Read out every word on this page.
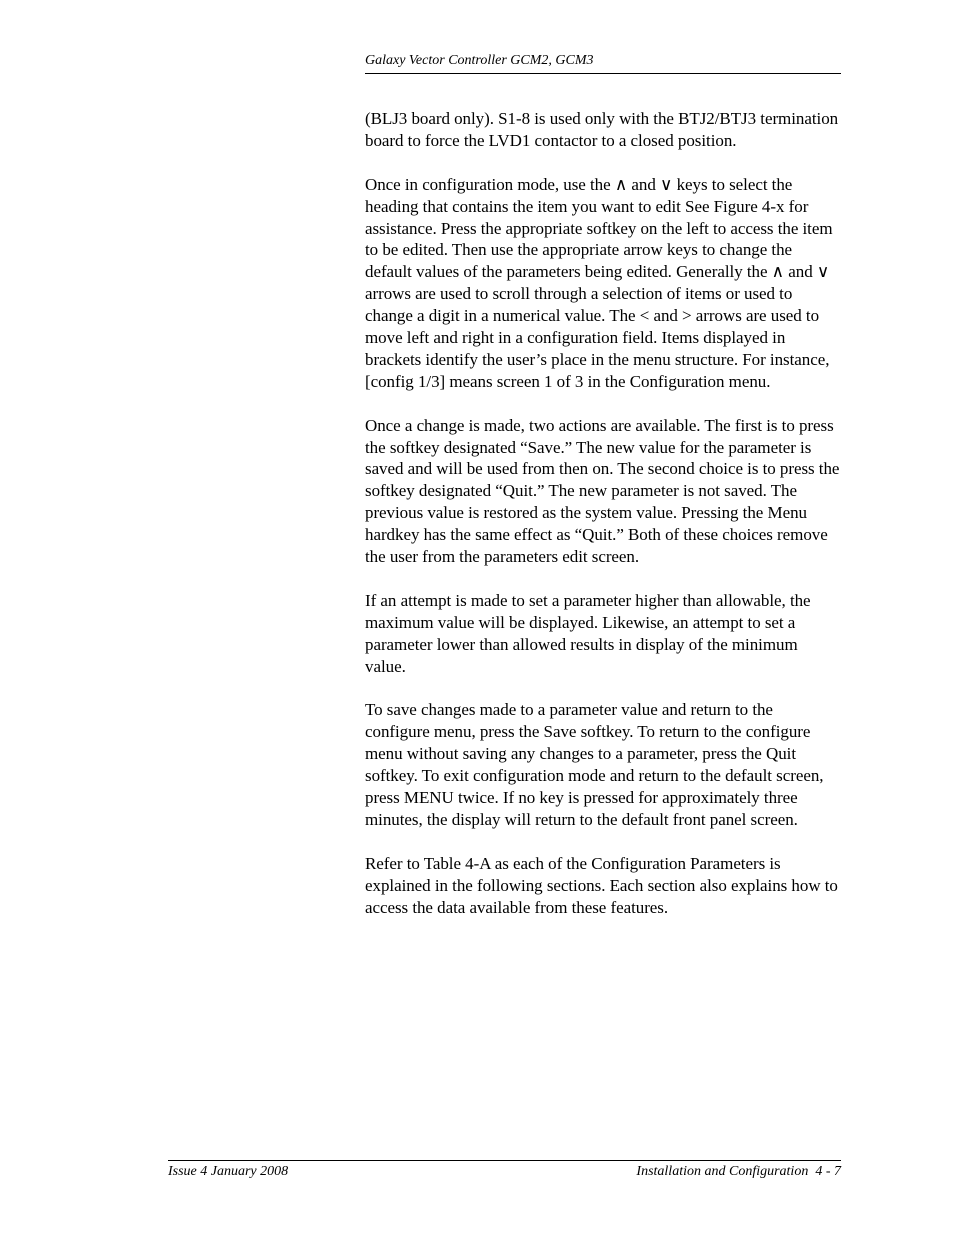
Galaxy Vector Controller GCM2, GCM3

(BLJ3 board only). S1-8 is used only with the BTJ2/BTJ3 termination board to force the LVD1 contactor to a closed position.

Once in configuration mode, use the ∧ and ∨ keys to select the heading that contains the item you want to edit See Figure 4-x for assistance. Press the appropriate softkey on the left to access the item to be edited. Then use the appropriate arrow keys to change the default values of the parameters being edited. Generally the ∧ and ∨ arrows are used to scroll through a selection of items or used to change a digit in a numerical value. The < and > arrows are used to move left and right in a configuration field. Items displayed in brackets identify the user’s place in the menu structure. For instance, [config 1/3] means screen 1 of 3 in the Configuration menu.

Once a change is made, two actions are available. The first is to press the softkey designated “Save.” The new value for the parameter is saved and will be used from then on. The second choice is to press the softkey designated “Quit.” The new parameter is not saved. The previous value is restored as the system value. Pressing the Menu hardkey has the same effect as “Quit.” Both of these choices remove the user from the parameters edit screen.

If an attempt is made to set a parameter higher than allowable, the maximum value will be displayed. Likewise, an attempt to set a parameter lower than allowed results in display of the minimum value.

To save changes made to a parameter value and return to the configure menu, press the Save softkey. To return to the configure menu without saving any changes to a parameter, press the Quit softkey. To exit configuration mode and return to the default screen, press MENU twice. If no key is pressed for approximately three minutes, the display will return to the default front panel screen.

Refer to Table 4-A as each of the Configuration Parameters is explained in the following sections. Each section also explains how to access the data available from these features.

Issue 4 January 2008	Installation and Configuration  4 - 7
